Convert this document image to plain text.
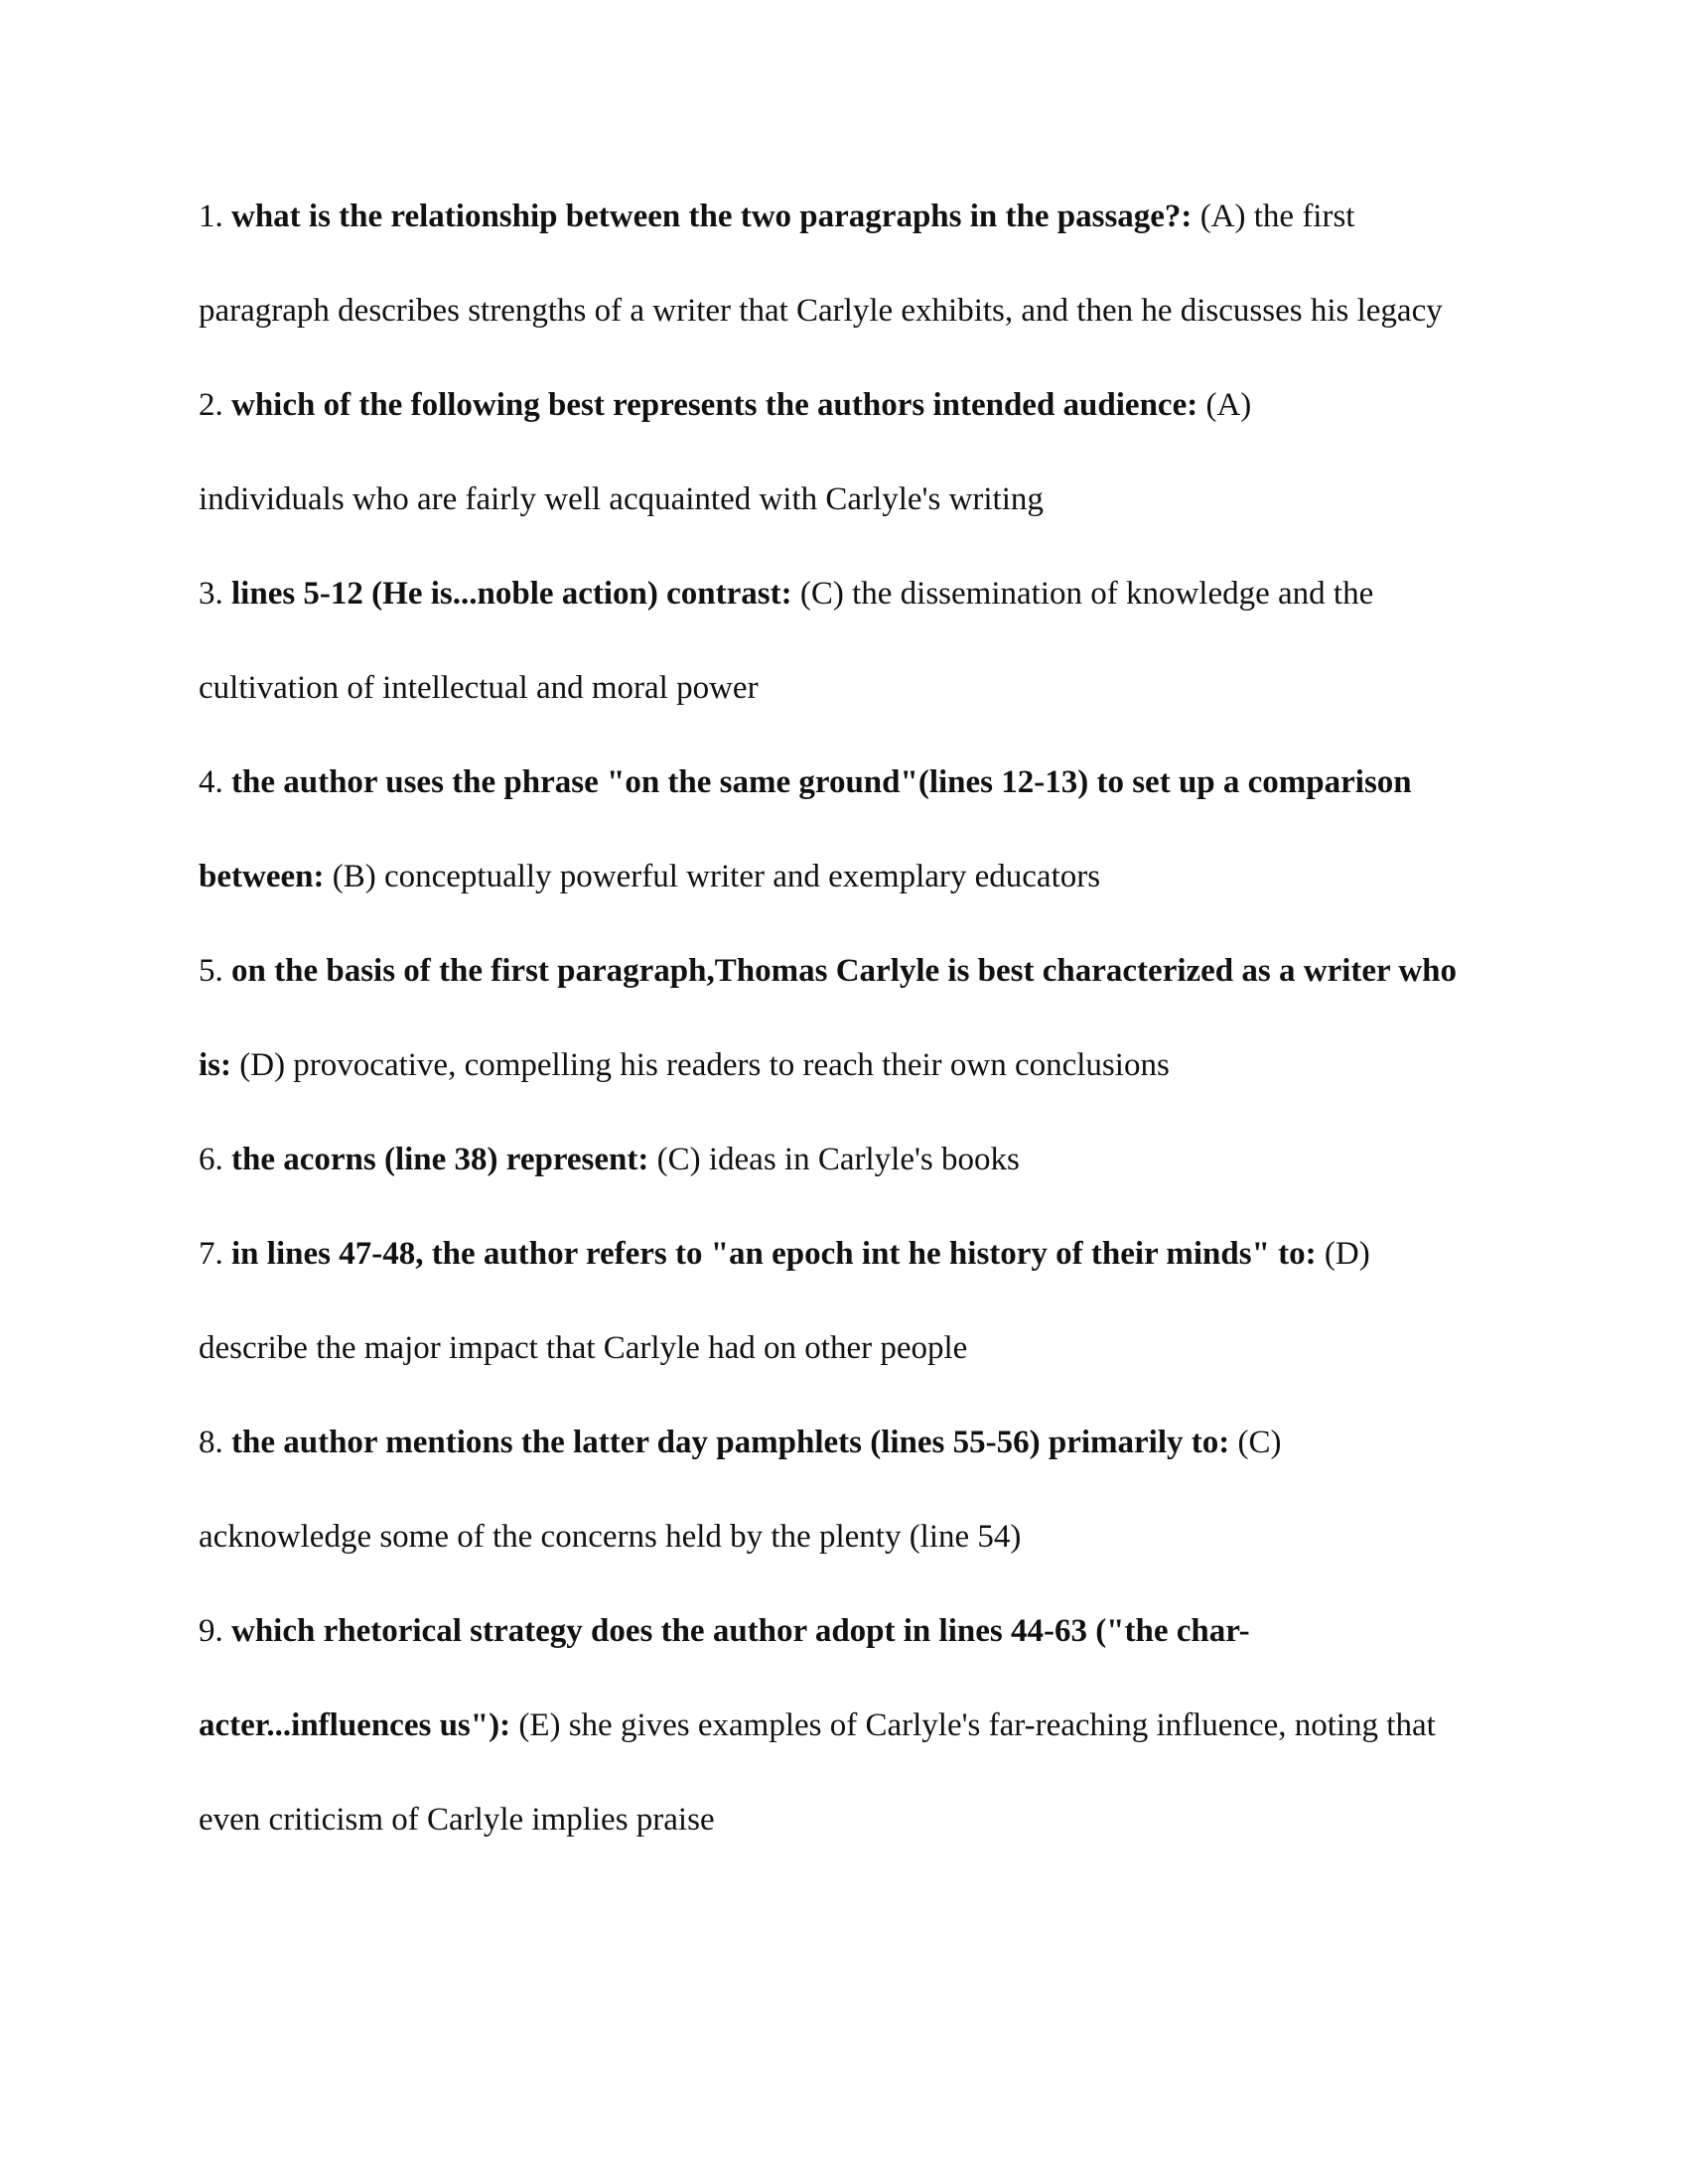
1. what is the relationship between the two paragraphs in the passage?: (A) the first
paragraph describes strengths of a writer that Carlyle exhibits, and then he discusses his legacy
2. which of the following best represents the authors intended audience: (A)
individuals who are fairly well acquainted with Carlyle's writing
3. lines 5-12 (He is...noble action) contrast: (C) the dissemination of knowledge and the
cultivation of intellectual and moral power
4. the author uses the phrase "on the same ground"(lines 12-13) to set up a comparison
between: (B) conceptually powerful writer and exemplary educators
5. on the basis of the first paragraph,Thomas Carlyle is best characterized as a writer who
is: (D) provocative, compelling his readers to reach their own conclusions
6. the acorns (line 38) represent: (C) ideas in Carlyle's books
7. in lines 47-48, the author refers to "an epoch int he history of their minds" to: (D)
describe the major impact that Carlyle had on other people
8. the author mentions the latter day pamphlets (lines 55-56) primarily to: (C)
acknowledge some of the concerns held by the plenty (line 54)
9. which rhetorical strategy does the author adopt in lines 44-63 ("the char-
acter...influences us"): (E) she gives examples of Carlyle's far-reaching influence, noting that
even criticism of Carlyle implies praise
